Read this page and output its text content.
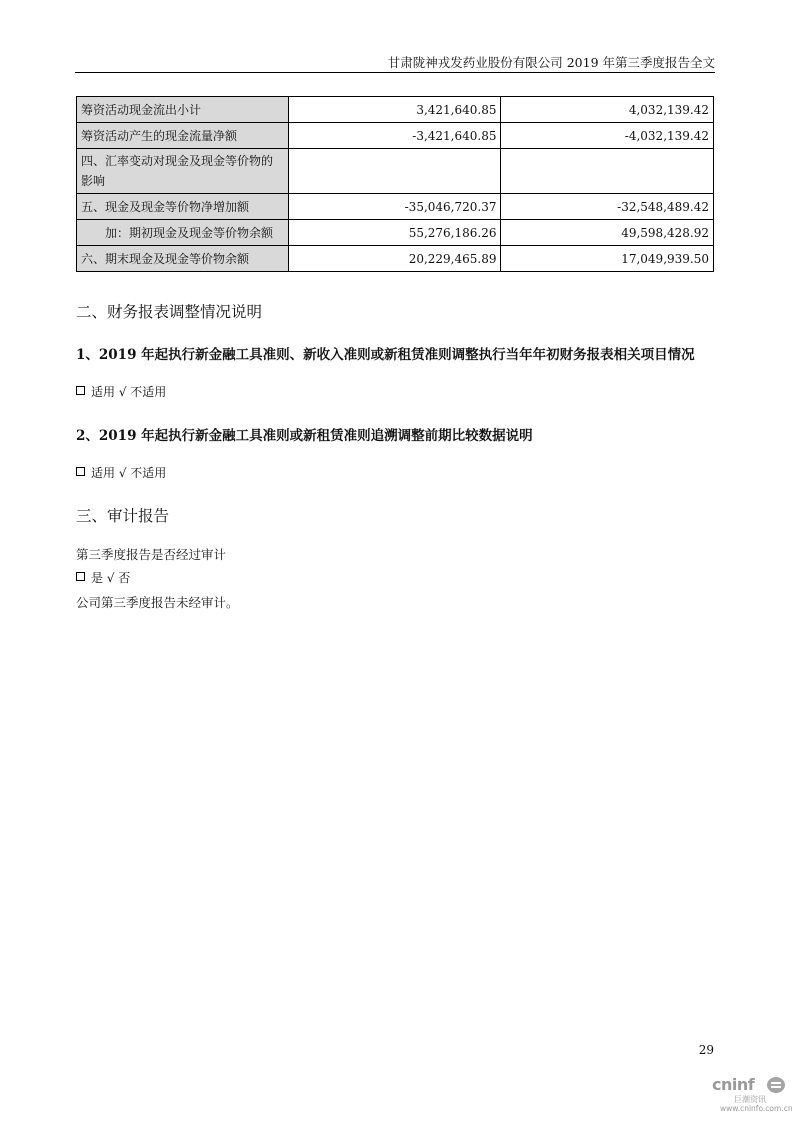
甘肃陇神戎发药业股份有限公司 2019 年第三季度报告全文
筹资活动现金流出小计	3,421,640.85	4,032,139.42
筹资活动产生的现金流量净额	-3,421,640.85	-4,032,139.42
四、汇率变动对现金及现金等价物的影响		
五、现金及现金等价物净增加额	-35,046,720.37	-32,548,489.42
加：期初现金及现金等价物余额	55,276,186.26	49,598,428.92
六、期末现金及现金等价物余额	20,229,465.89	17,049,939.50
二、财务报表调整情况说明
1、2019 年起执行新金融工具准则、新收入准则或新租赁准则调整执行当年年初财务报表相关项目情况
适用 √ 不适用
2、2019 年起执行新金融工具准则或新租赁准则追溯调整前期比较数据说明
适用 √ 不适用
三、审计报告
第三季度报告是否经过审计
是 √ 否
公司第三季度报告未经审计。
29
cninf
巨潮资讯
www.cninfo.com.cn
